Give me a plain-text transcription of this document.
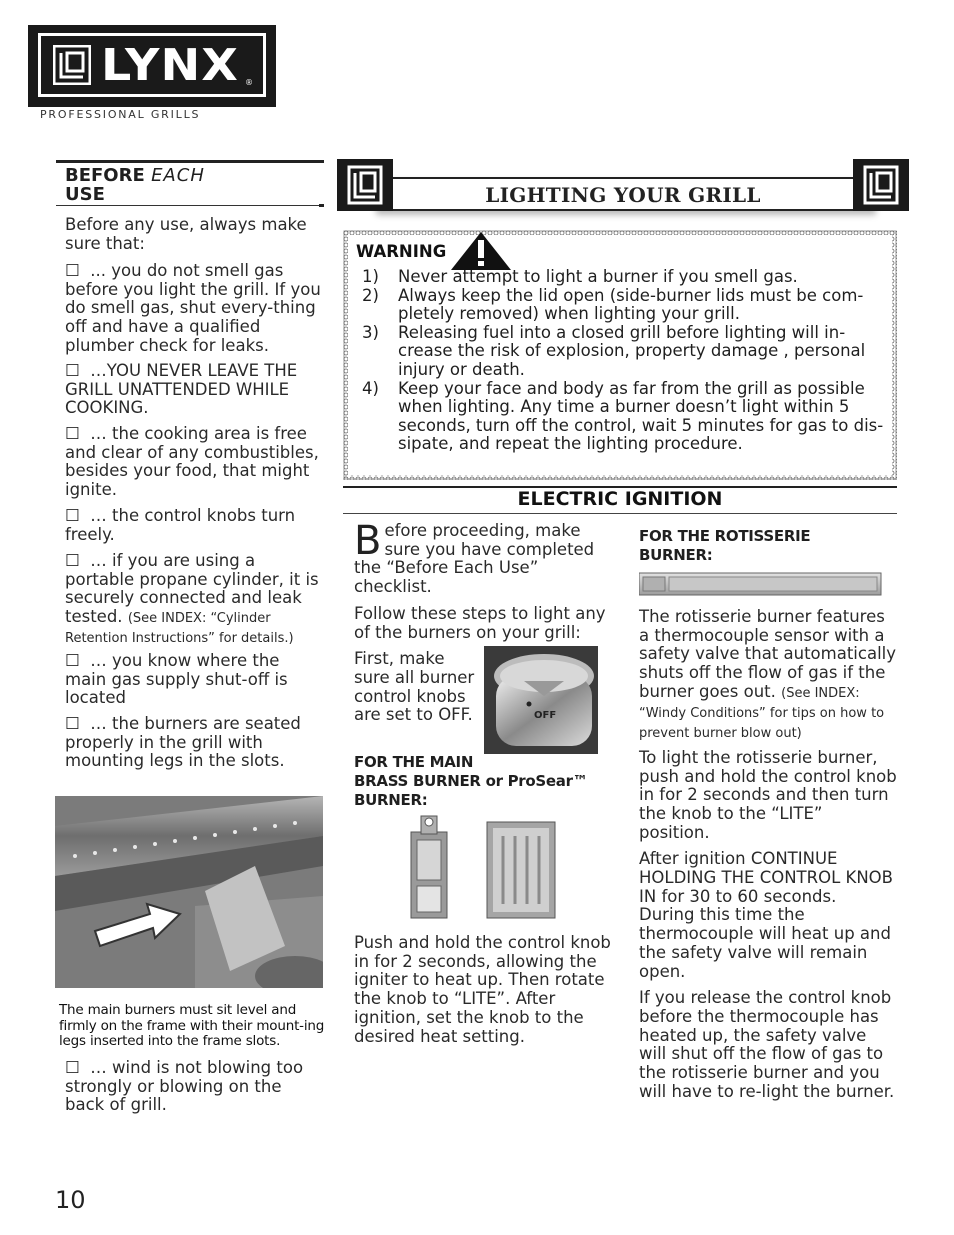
LYNX ®
PROFESSIONAL GRILLS
BEFORE EACH
USE
Before any use, always make sure that:
☐ ... you do not smell gas before you light the grill. If you do smell gas, shut every-thing off and have a qualified plumber check for leaks.
☐ …YOU NEVER LEAVE THE GRILL UNATTENDED WHILE COOKING.
☐ … the cooking area is free and clear of any combustibles, besides your food, that might ignite.
☐ … the control knobs turn freely.
☐ … if you are using a portable propane cylinder, it is securely connected and leak tested. (See INDEX: “Cylinder Retention Instructions” for details.)
☐ … you know where the main gas supply shut-off is located
☐ … the burners are seated properly in the grill with mounting legs in the slots.
The main burners must sit level and firmly on the frame with their mount-ing legs inserted into the frame slots.
☐ … wind is not blowing too strongly or blowing on the back of grill.
LIGHTING YOUR GRILL
WARNING
1)	Never attempt to light a burner if you smell gas.
2)	Always keep the lid open (side-burner lids must be com-pletely removed) when lighting your grill.
3)	Releasing fuel into a closed grill before lighting will in-crease the risk of explosion, property damage , personal injury or death.
4)	Keep your face and body as far from the grill as possible when lighting. Any time a burner doesn’t light within 5 seconds, turn off the control, wait 5 minutes for gas to dis-sipate, and repeat the lighting procedure.
ELECTRIC IGNITION

Before proceeding, make sure you have completed the “Before Each Use” checklist.

Follow these steps to light any of the burners on your grill:

First, make sure all burner control knobs are set to OFF.	OFF
FOR THE MAIN
BRASS BURNER or ProSear™
BURNER:
Push and hold the control knob in for 2 seconds, allowing the igniter to heat up. Then rotate the knob to “LITE”. After ignition, set the knob to the desired heat setting.
FOR THE ROTISSERIE
BURNER:

The rotisserie burner features a thermocouple sensor with a safety valve that automatically shuts off the flow of gas if the burner goes out. (See INDEX: “Windy Conditions” for tips on how to prevent burner blow out)

To light the rotisserie burner, push and hold the control knob in for 2 seconds and then turn the knob to the “LITE” position.

After ignition CONTINUE HOLDING THE CONTROL KNOB IN for 30 to 60 seconds. During this time the thermocouple will heat up and the safety valve will remain open.

If you release the control knob before the thermocouple has heated up, the safety valve will shut off the flow of gas to the rotisserie burner and you will have to re-light the burner.

10
